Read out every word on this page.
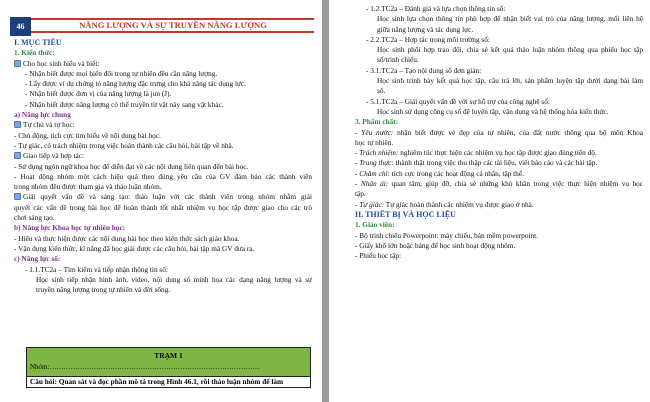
46	NĂNG LƯỢNG VÀ SỰ TRUYỀN NĂNG LƯỢNG
I. MỤC TIÊU
1. Kiến thức:
Cho học sinh hiểu và biết:
- Nhận biết được mọi biến đổi trong tự nhiên đều cần năng lượng.
- Lấy được ví dụ chứng tỏ năng lượng đặc trưng cho khả năng tác dụng lực.
- Nhận biết được đơn vị của năng lượng là jun (J).
- Nhận biết được năng lượng có thể truyền từ vật này sang vật khác.
a) Năng lực chung
Tự chủ và tự học:
- Chủ động, tích cực tìm hiểu về nội dung bài học.
- Tự giác, có trách nhiệm trong việc hoàn thành các câu hỏi, bài tập về nhà.
Giao tiếp và hợp tác:
- Sử dụng ngôn ngữ khoa học để diễn đạt về các nội dung liên quan đến bài học.
- Hoạt động nhóm một cách hiệu quả theo đúng yêu cầu của GV đảm bảo các thành viên
trong nhóm đều được tham gia và thảo luận nhóm.
Giải quyết vấn đề và sáng tạo: thảo luận với các thành viên trong nhóm nhằm giải
quyết các vấn đề trong bài học để hoàn thành tốt nhất nhiệm vụ học tập được giao cho các trò
chơi sáng tạo.
b) Năng lực Khoa học tự nhiên học:
- Hiểu và thực hiện được các nội dung bài học theo kiến thức sách giáo khoa.
- Vận dụng kiến thức, kĩ năng đã học giải được các câu hỏi, bài tập mà GV đưa ra.
c) Năng lực số:
- 1.1.TC2a – Tìm kiếm và tiếp nhận thông tin số:
Học sinh tiếp nhận hình ảnh, video, nội dung số minh họa các dạng năng lượng và sự
truyền năng lượng trong tự nhiên và đời sống.
- 1.2.TC2a – Đánh giá và lựa chọn thông tin số:
Học sinh lựa chọn thông tin phù hợp để nhận biết vai trò của năng lượng, mối liên hệ
giữa năng lượng và tác dụng lực.
- 2.2.TC2a – Hợp tác trong môi trường số:
Học sinh phối hợp trao đổi, chia sẻ kết quả thảo luận nhóm thông qua phiếu học tập
số/trình chiếu.
- 3.1.TC2a – Tạo nội dung số đơn giản:
Học sinh trình bày kết quả học tập, câu trả lời, sản phẩm luyện tập dưới dạng bài làm
số.
- 5.1.TC2a – Giải quyết vấn đề với sự hỗ trợ của công nghệ số:
Học sinh sử dụng công cụ số để luyện tập, vận dụng và hệ thống hóa kiến thức.
3. Phẩm chất:
- Yêu nước: nhận biết được vẻ đẹp của tự nhiên, của đất nước thông qua bộ môn Khoa
học tự nhiên.
- Trách nhiệm: nghiêm túc thực hiện các nhiệm vụ học tập được giao đúng tiến độ.
- Trung thực: thành thật trong việc thu thập các tài liệu, viết báo cáo và các bài tập.
- Chăm chỉ: tích cực trong các hoạt động cá nhân, tập thể.
- Nhân ái: quan tâm, giúp đỡ, chia sẻ những khó khăn trong việc thực hiện nhiệm vụ học
tập.
- Tự giác: Tự giác hoàn thành các nhiệm vụ được giao ở nhà.
II. THIẾT BỊ VÀ HỌC LIỆU
1. Giáo viên:
- Bộ trình chiếu Powerpoint: máy chiếu, bản mềm powerpoint.
- Giấy khổ lớn hoặc bảng để học sinh hoạt động nhóm.
- Phiếu học tập:
TRẠM 1
Nhóm:………………………………………………………………………………
Câu hỏi: Quan sát và đọc phần mô tả trong Hình 46.1, rồi thảo luận nhóm để làm
